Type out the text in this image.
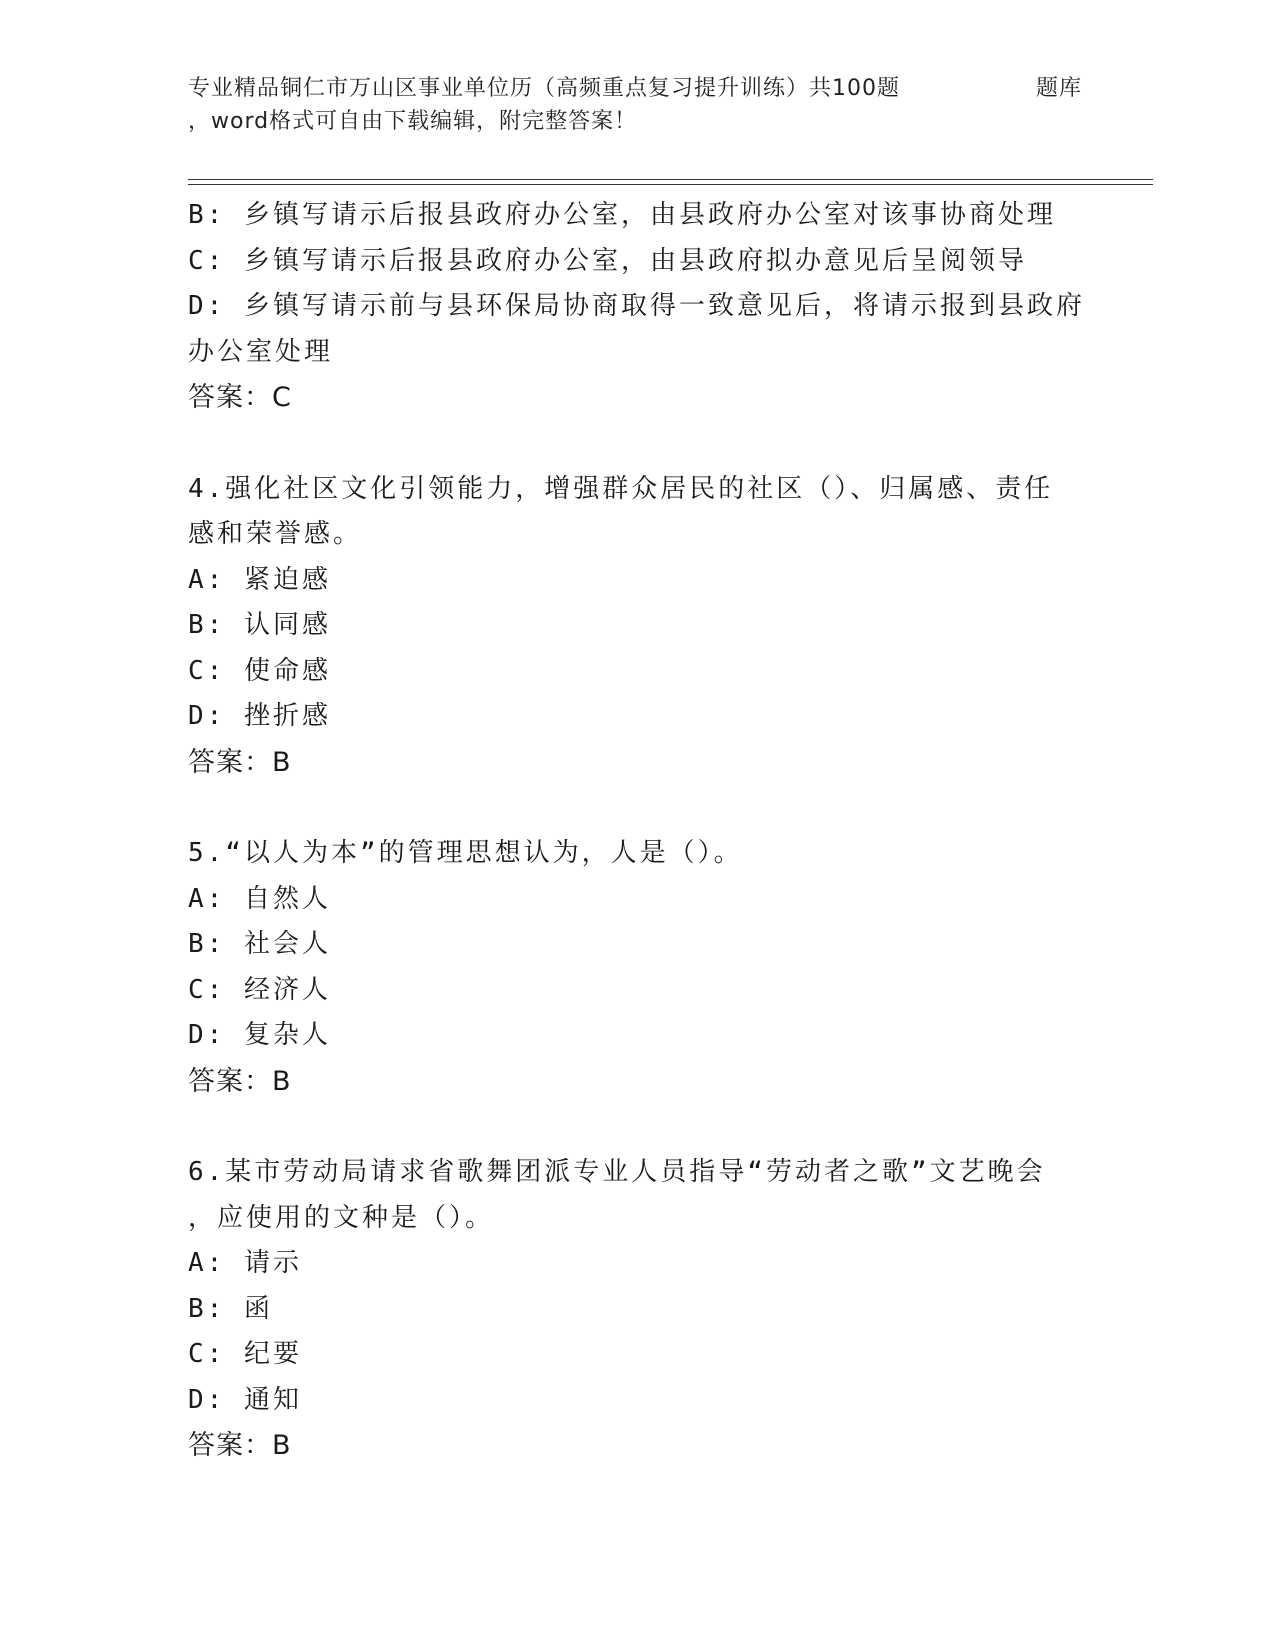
专业精品铜仁市万山区事业单位历（高频重点复习提升训练）共100题	题库
，word格式可自由下载编辑，附完整答案！
B: 乡镇写请示后报县政府办公室，由县政府办公室对该事协商处理
C: 乡镇写请示后报县政府办公室，由县政府拟办意见后呈阅领导
D: 乡镇写请示前与县环保局协商取得一致意见后，将请示报到县政府
办公室处理
答案：C
4.强化社区文化引领能力，增强群众居民的社区（）、归属感、责任
感和荣誉感。
A: 紧迫感
B: 认同感
C: 使命感
D: 挫折感
答案：B
5.“以人为本”的管理思想认为，人是（）。
A: 自然人
B: 社会人
C: 经济人
D: 复杂人
答案：B
6.某市劳动局请求省歌舞团派专业人员指导“劳动者之歌”文艺晚会
，应使用的文种是（）。
A: 请示
B: 函
C: 纪要
D: 通知
答案：B
